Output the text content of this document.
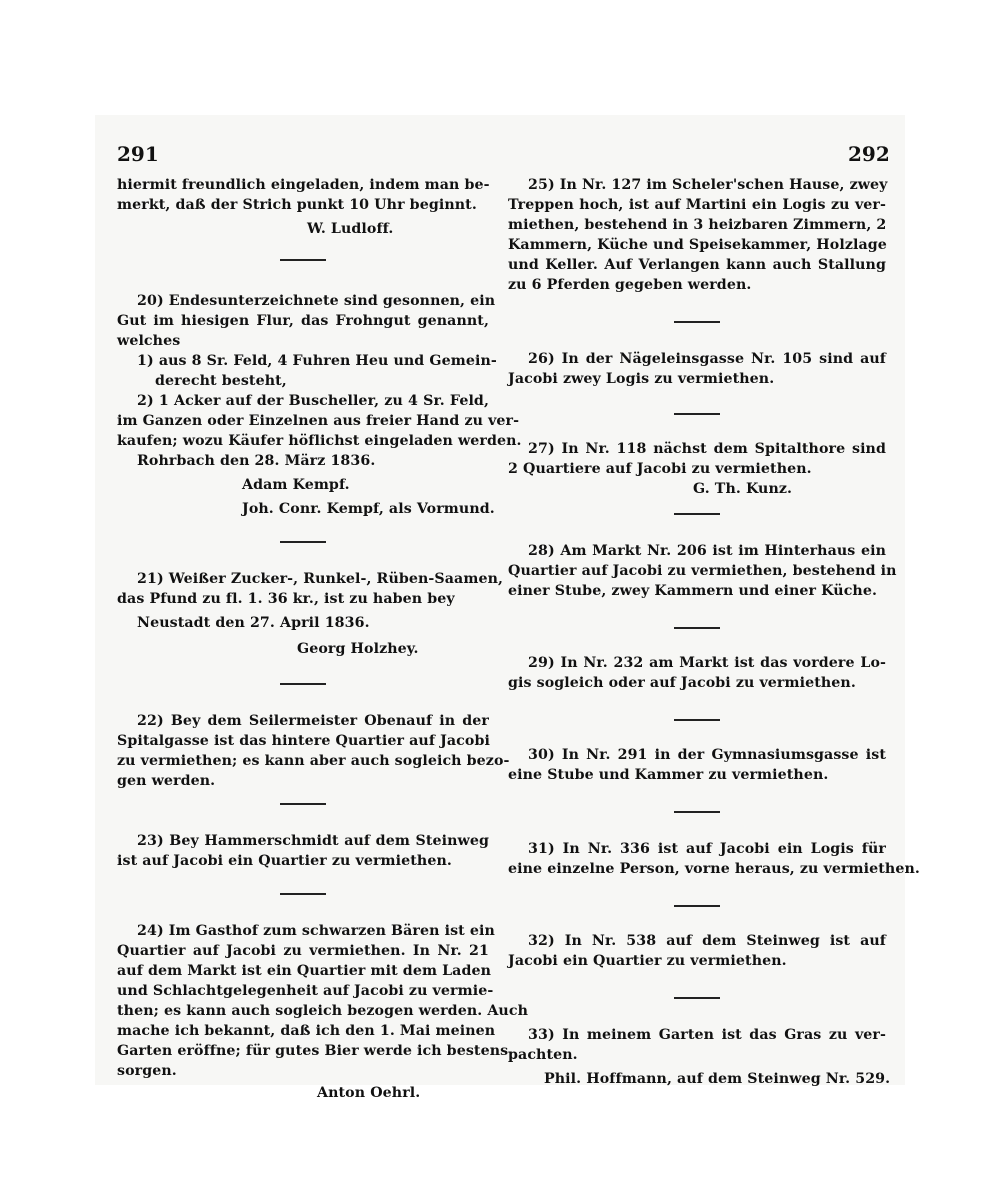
291	292
hiermit freundlich eingeladen, indem man be-
merkt, daß der Strich punkt 10 Uhr beginnt.
W. Ludloff.
20) Endesunterzeichnete sind gesonnen, ein
Gut im hiesigen Flur, das Frohngut genannt,
welches
1) aus 8 Sr. Feld, 4 Fuhren Heu und Gemein-
derecht besteht,
2) 1 Acker auf der Buscheller, zu 4 Sr. Feld,
im Ganzen oder Einzelnen aus freier Hand zu ver-
kaufen; wozu Käufer höflichst eingeladen werden.
Rohrbach den 28. März 1836.
Adam Kempf.
Joh. Conr. Kempf, als Vormund.
21) Weißer Zucker-, Runkel-, Rüben-Saamen,
das Pfund zu fl. 1. 36 kr., ist zu haben bey
Neustadt den 27. April 1836.
Georg Holzhey.
22) Bey dem Seilermeister Obenauf in der
Spitalgasse ist das hintere Quartier auf Jacobi
zu vermiethen; es kann aber auch sogleich bezo-
gen werden.
23) Bey Hammerschmidt auf dem Steinweg
ist auf Jacobi ein Quartier zu vermiethen.
24) Im Gasthof zum schwarzen Bären ist ein
Quartier auf Jacobi zu vermiethen. In Nr. 21
auf dem Markt ist ein Quartier mit dem Laden
und Schlachtgelegenheit auf Jacobi zu vermie-
then; es kann auch sogleich bezogen werden. Auch
mache ich bekannt, daß ich den 1. Mai meinen
Garten eröffne; für gutes Bier werde ich bestens
sorgen.
Anton Oehrl.
25) In Nr. 127 im Scheler'schen Hause, zwey
Treppen hoch, ist auf Martini ein Logis zu ver-
miethen, bestehend in 3 heizbaren Zimmern, 2
Kammern, Küche und Speisekammer, Holzlage
und Keller. Auf Verlangen kann auch Stallung
zu 6 Pferden gegeben werden.
26) In der Nägeleinsgasse Nr. 105 sind auf
Jacobi zwey Logis zu vermiethen.
27) In Nr. 118 nächst dem Spitalthore sind
2 Quartiere auf Jacobi zu vermiethen.
G. Th. Kunz.
28) Am Markt Nr. 206 ist im Hinterhaus ein
Quartier auf Jacobi zu vermiethen, bestehend in
einer Stube, zwey Kammern und einer Küche.
29) In Nr. 232 am Markt ist das vordere Lo-
gis sogleich oder auf Jacobi zu vermiethen.
30) In Nr. 291 in der Gymnasiumsgasse ist
eine Stube und Kammer zu vermiethen.
31) In Nr. 336 ist auf Jacobi ein Logis für
eine einzelne Person, vorne heraus, zu vermiethen.
32) In Nr. 538 auf dem Steinweg ist auf
Jacobi ein Quartier zu vermiethen.
33) In meinem Garten ist das Gras zu ver-
pachten.
Phil. Hoffmann, auf dem Steinweg Nr. 529.
